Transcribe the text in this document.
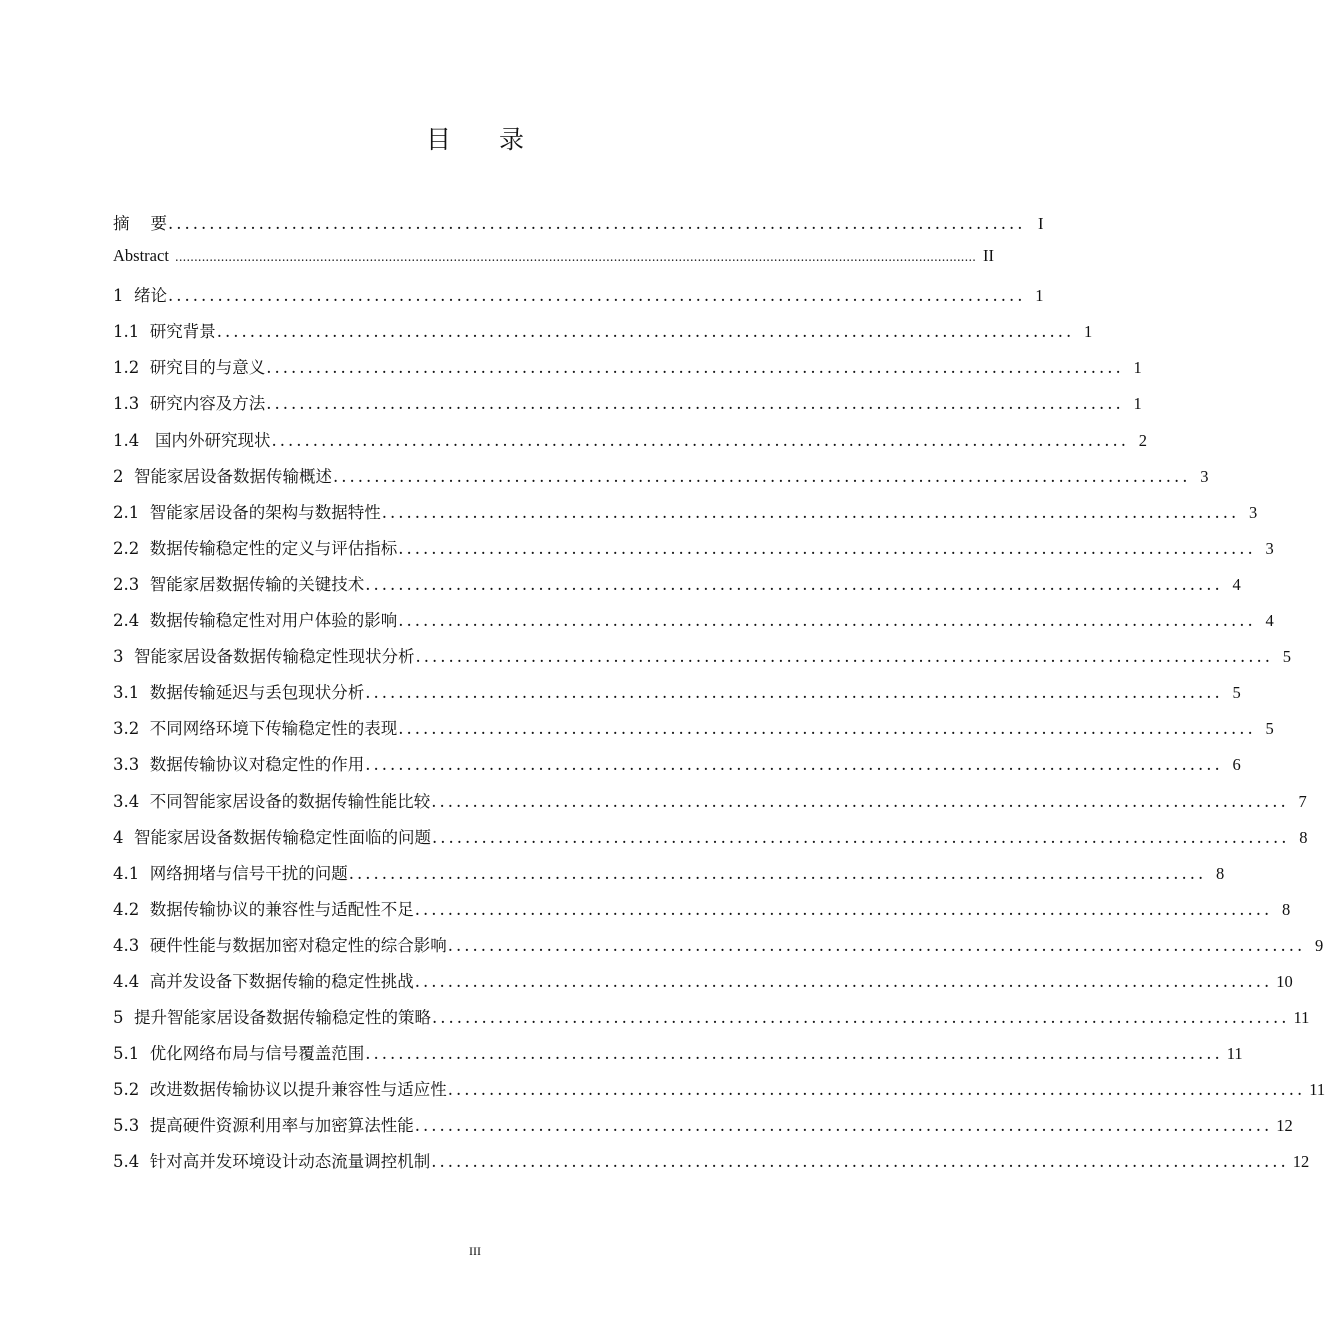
目 录
摘    要 ........................................................................................................ I
Abstract .................................................................................................................................................................................................................. II
1  绪论 ........................................................................................................ 1
1.1  研究背景 ........................................................................................................ 1
1.2  研究目的与意义 ........................................................................................................ 1
1.3  研究内容及方法 ........................................................................................................ 1
1.4   国内外研究现状 ........................................................................................................ 2
2  智能家居设备数据传输概述 ........................................................................................................ 3
2.1  智能家居设备的架构与数据特性 ........................................................................................................ 3
2.2  数据传输稳定性的定义与评估指标 ........................................................................................................ 3
2.3  智能家居数据传输的关键技术 ........................................................................................................ 4
2.4  数据传输稳定性对用户体验的影响 ........................................................................................................ 4
3  智能家居设备数据传输稳定性现状分析 ........................................................................................................ 5
3.1  数据传输延迟与丢包现状分析 ........................................................................................................ 5
3.2  不同网络环境下传输稳定性的表现 ........................................................................................................ 5
3.3  数据传输协议对稳定性的作用 ........................................................................................................ 6
3.4  不同智能家居设备的数据传输性能比较 ........................................................................................................ 7
4  智能家居设备数据传输稳定性面临的问题 ........................................................................................................ 8
4.1  网络拥堵与信号干扰的问题 ........................................................................................................ 8
4.2  数据传输协议的兼容性与适配性不足 ........................................................................................................ 8
4.3  硬件性能与数据加密对稳定性的综合影响 ........................................................................................................ 9
4.4  高并发设备下数据传输的稳定性挑战 ........................................................................................................ 10
5  提升智能家居设备数据传输稳定性的策略 ........................................................................................................ 11
5.1  优化网络布局与信号覆盖范围 ........................................................................................................ 11
5.2  改进数据传输协议以提升兼容性与适应性 ........................................................................................................ 11
5.3  提高硬件资源利用率与加密算法性能 ........................................................................................................ 12
5.4  针对高并发环境设计动态流量调控机制 ........................................................................................................ 12
III
